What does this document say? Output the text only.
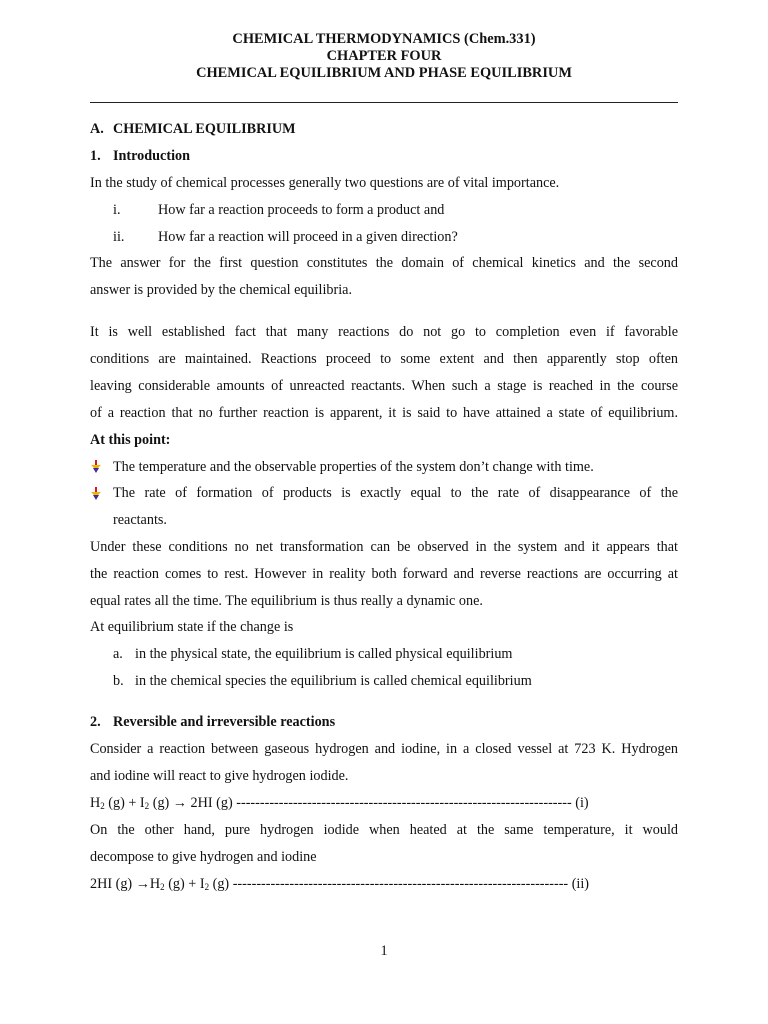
CHEMICAL THERMODYNAMICS (Chem.331)
CHAPTER FOUR
CHEMICAL EQUILIBRIUM AND PHASE EQUILIBRIUM
A. CHEMICAL EQUILIBRIUM
1. Introduction
In the study of chemical processes generally two questions are of vital importance.
i.	How far a reaction proceeds to form a product and
ii. How far a reaction will proceed in a given direction?
The answer for the first question constitutes the domain of chemical kinetics and the second
answer is provided by the chemical equilibria.
It is well established fact that many reactions do not go to completion even if favorable
conditions are maintained. Reactions proceed to some extent and then apparently stop often
leaving considerable amounts of unreacted reactants. When such a stage is reached in the course
of a reaction that no further reaction is apparent, it is said to have attained a state of equilibrium.
At this point:
The temperature and the observable properties of the system don’t change with time.
The rate of formation of products is exactly equal to the rate of disappearance of the
reactants.
Under these conditions no net transformation can be observed in the system and it appears that
the reaction comes to rest. However in reality both forward and reverse reactions are occurring at
equal rates all the time. The equilibrium is thus really a dynamic one.
At equilibrium state if the change is
a. in the physical state, the equilibrium is called physical equilibrium
b. in the chemical species the equilibrium is called chemical equilibrium
2. Reversible and irreversible reactions
Consider a reaction between gaseous hydrogen and iodine, in a closed vessel at 723 K. Hydrogen
and iodine will react to give hydrogen iodide.
$H_2$ $(g) + I_2$ (g) → 2HI (g) ----------------------------------------------------------------------- (i)
On the other hand, pure hydrogen iodide when heated at the same temperature, it would
decompose to give hydrogen and iodine
2HI $(g) \to H_2$ $(g) + I_2$ (g) ----------------------------------------------------------------------- (ii)
1
